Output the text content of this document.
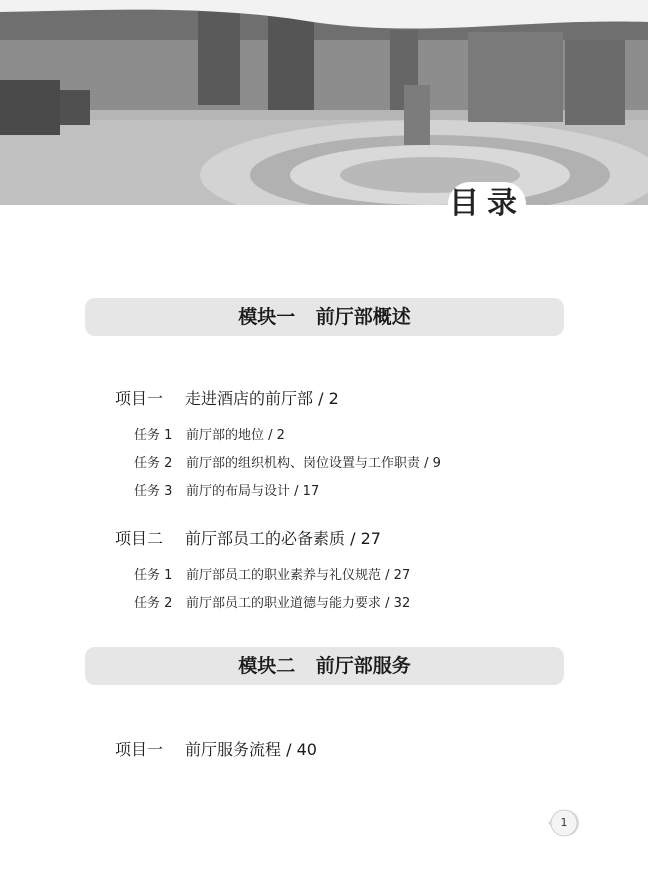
目录
模块一 前厅部概述
项目一 走进酒店的前厅部 / 2
任务 1 前厅部的地位 / 2
任务 2 前厅部的组织机构、岗位设置与工作职责 / 9
任务 3 前厅的布局与设计 / 17
项目二 前厅部员工的必备素质 / 27
任务 1 前厅部员工的职业素养与礼仪规范 / 27
任务 2 前厅部员工的职业道德与能力要求 / 32
模块二 前厅部服务
项目一 前厅服务流程 / 40
1
